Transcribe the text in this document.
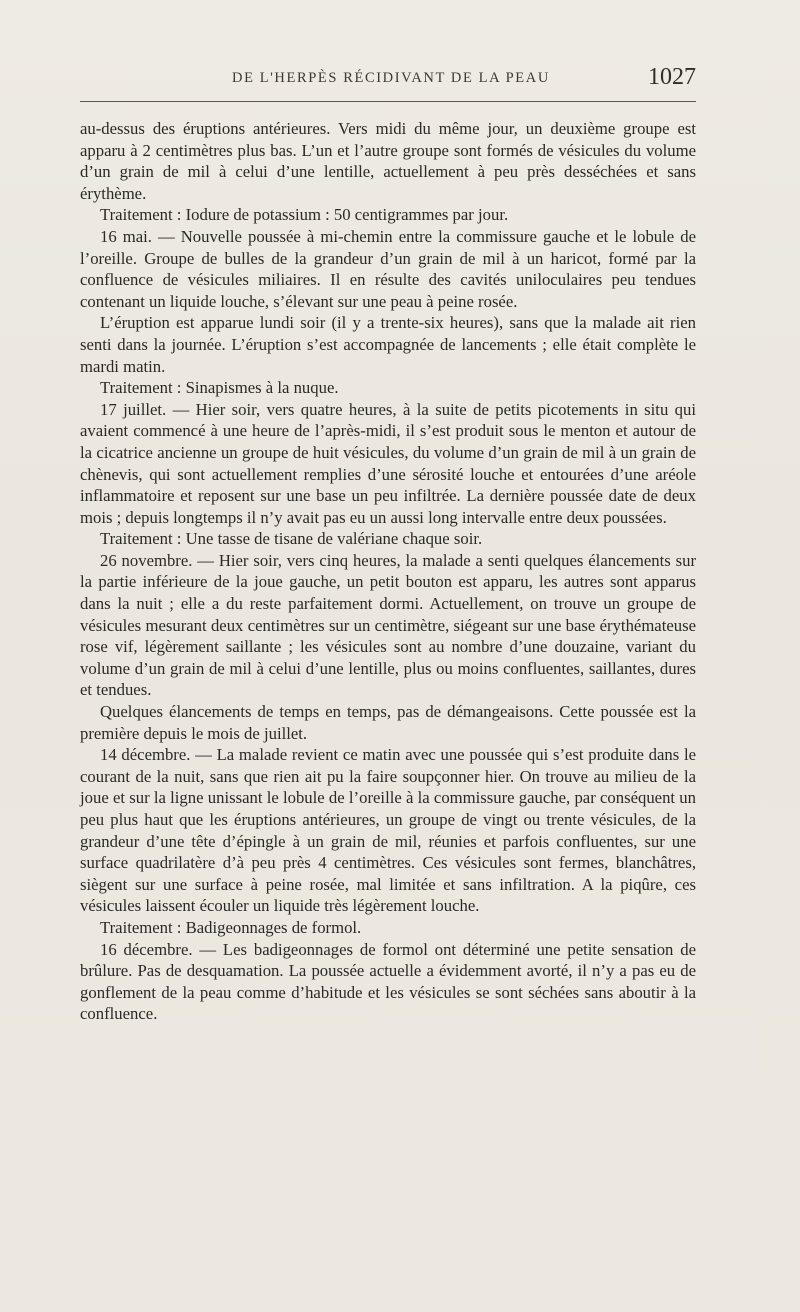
DE L'HERPÈS RÉCIDIVANT DE LA PEAU	1027

au-dessus des éruptions antérieures. Vers midi du même jour, un deuxième groupe est apparu à 2 centimètres plus bas. L’un et l’autre groupe sont formés de vésicules du volume d’un grain de mil à celui d’une lentille, actuellement à peu près desséchées et sans érythème.

Traitement : Iodure de potassium : 50 centigrammes par jour.

16 mai. — Nouvelle poussée à mi-chemin entre la commissure gauche et le lobule de l’oreille. Groupe de bulles de la grandeur d’un grain de mil à un haricot, formé par la confluence de vésicules miliaires. Il en résulte des cavités uniloculaires peu tendues contenant un liquide louche, s’élevant sur une peau à peine rosée.

L’éruption est apparue lundi soir (il y a trente-six heures), sans que la malade ait rien senti dans la journée. L’éruption s’est accompagnée de lancements ; elle était complète le mardi matin.

Traitement : Sinapismes à la nuque.

17 juillet. — Hier soir, vers quatre heures, à la suite de petits picotements in situ qui avaient commencé à une heure de l’après-midi, il s’est produit sous le menton et autour de la cicatrice ancienne un groupe de huit vésicules, du volume d’un grain de mil à un grain de chènevis, qui sont actuellement remplies d’une sérosité louche et entourées d’une aréole inflammatoire et reposent sur une base un peu infiltrée. La dernière poussée date de deux mois ; depuis longtemps il n’y avait pas eu un aussi long intervalle entre deux poussées.

Traitement : Une tasse de tisane de valériane chaque soir.

26 novembre. — Hier soir, vers cinq heures, la malade a senti quelques élancements sur la partie inférieure de la joue gauche, un petit bouton est apparu, les autres sont apparus dans la nuit ; elle a du reste parfaitement dormi. Actuellement, on trouve un groupe de vésicules mesurant deux centimètres sur un centimètre, siégeant sur une base érythémateuse rose vif, légèrement saillante ; les vésicules sont au nombre d’une douzaine, variant du volume d’un grain de mil à celui d’une lentille, plus ou moins confluentes, saillantes, dures et tendues.

Quelques élancements de temps en temps, pas de démangeaisons. Cette poussée est la première depuis le mois de juillet.

14 décembre. — La malade revient ce matin avec une poussée qui s’est produite dans le courant de la nuit, sans que rien ait pu la faire soupçonner hier. On trouve au milieu de la joue et sur la ligne unissant le lobule de l’oreille à la commissure gauche, par conséquent un peu plus haut que les éruptions antérieures, un groupe de vingt ou trente vésicules, de la grandeur d’une tête d’épingle à un grain de mil, réunies et parfois confluentes, sur une surface quadrilatère d’à peu près 4 centimètres. Ces vésicules sont fermes, blanchâtres, siègent sur une surface à peine rosée, mal limitée et sans infiltration. A la piqûre, ces vésicules laissent écouler un liquide très légèrement louche.

Traitement : Badigeonnages de formol.

16 décembre. — Les badigeonnages de formol ont déterminé une petite sensation de brûlure. Pas de desquamation. La poussée actuelle a évidemment avorté, il n’y a pas eu de gonflement de la peau comme d’habitude et les vésicules se sont séchées sans aboutir à la confluence.
